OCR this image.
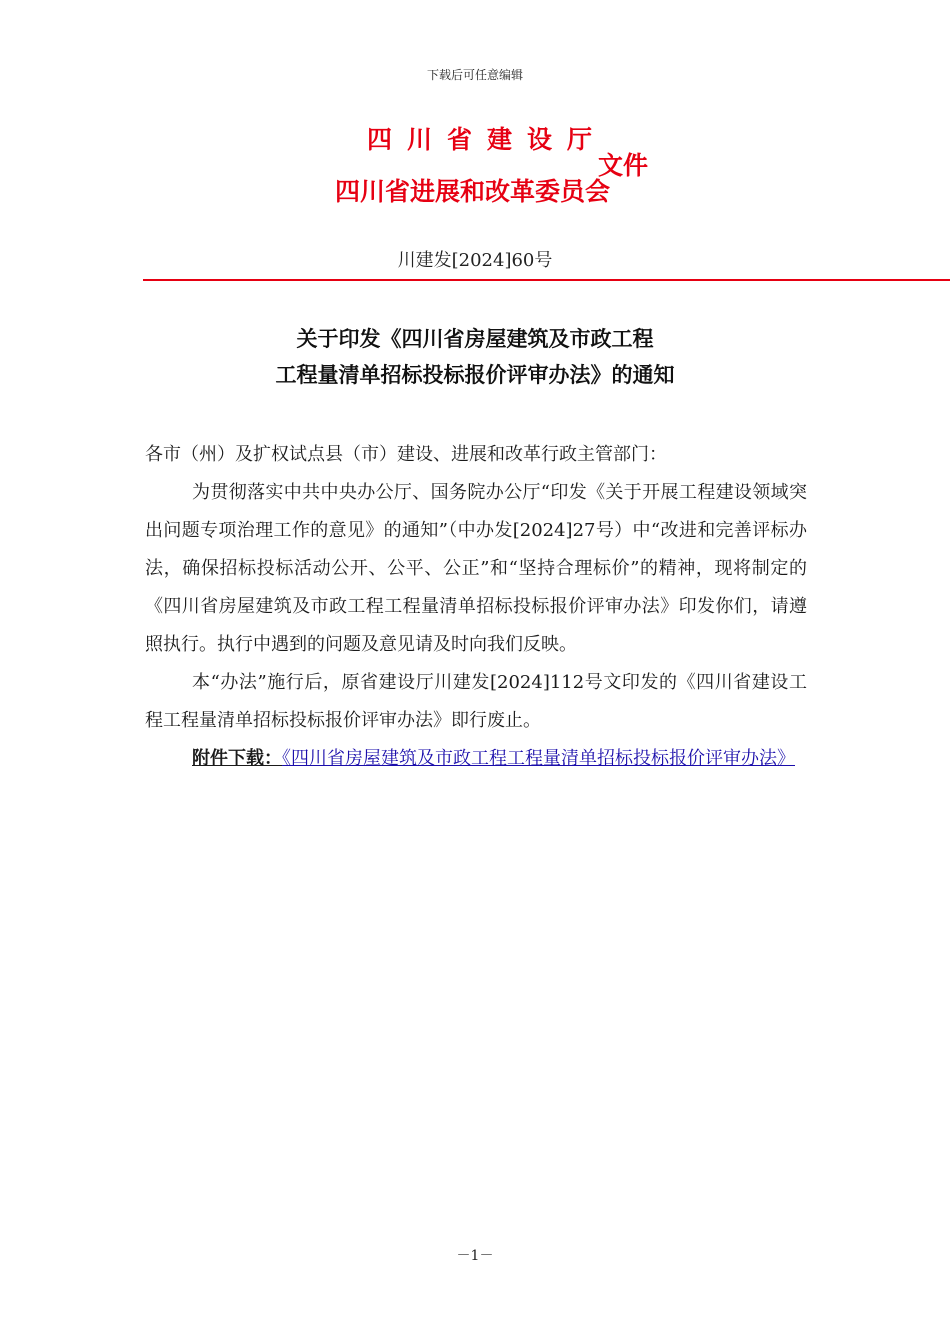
下载后可任意编辑
四川省建设厅
文件
四川省进展和改革委员会
川建发[2024]60号
关于印发《四川省房屋建筑及市政工程
工程量清单招标投标报价评审办法》的通知
各市（州）及扩权试点县（市）建设、进展和改革行政主管部门：
为贯彻落实中共中央办公厅、国务院办公厅“印发《关于开展工程建设领域突出问题专项治理工作的意见》的通知”（中办发[2024]27号）中“改进和完善评标办法，确保招标投标活动公开、公平、公正”和“坚持合理标价”的精神，现将制定的《四川省房屋建筑及市政工程工程量清单招标投标报价评审办法》印发你们，请遵照执行。执行中遇到的问题及意见请及时向我们反映。
本“办法”施行后，原省建设厅川建发[2024]112号文印发的《四川省建设工程工程量清单招标投标报价评审办法》即行废止。
附件下载：《四川省房屋建筑及市政工程工程量清单招标投标报价评审办法》
－1－
